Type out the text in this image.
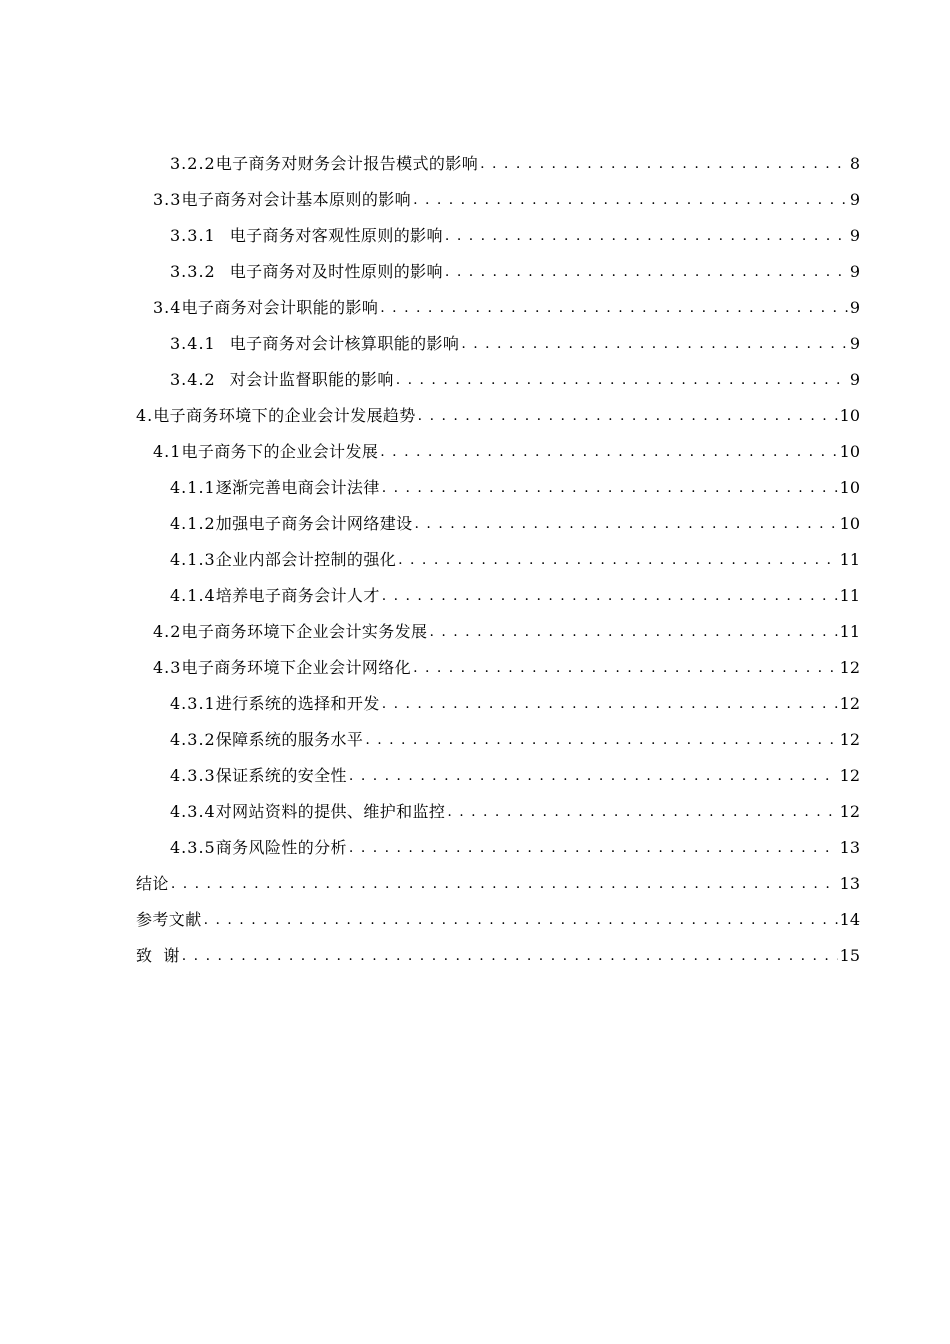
3.2.2 电子商务对财务会计报告模式的影响 . . .	8
3.3 电子商务对会计基本原则的影响 . . .	9
3.3.1 电子商务对客观性原则的影响 . . .	9
3.3.2 电子商务对及时性原则的影响 . . .	9
3.4 电子商务对会计职能的影响 . . .	9
3.4.1 电子商务对会计核算职能的影响 . . .	9
3.4.2 对会计监督职能的影响 . . .	9
4. 电子商务环境下的企业会计发展趋势 . . .	10
4.1 电子商务下的企业会计发展 . . .	10
4.1.1 逐渐完善电商会计法律 . . .	10
4.1.2 加强电子商务会计网络建设 . . .	10
4.1.3 企业内部会计控制的强化 . . .	11
4.1.4 培养电子商务会计人才 . . .	11
4.2 电子商务环境下企业会计实务发展 . . .	11
4.3 电子商务环境下企业会计网络化 . . .	12
4.3.1 进行系统的选择和开发 . . .	12
4.3.2 保障系统的服务水平 . . .	12
4.3.3 保证系统的安全性 . . .	12
4.3.4 对网站资料的提供、维护和监控 . . .	12
4.3.5 商务风险性的分析 . . .	13
结论 . . .	13
参考文献 . . .	14
致  谢 . . .	15
